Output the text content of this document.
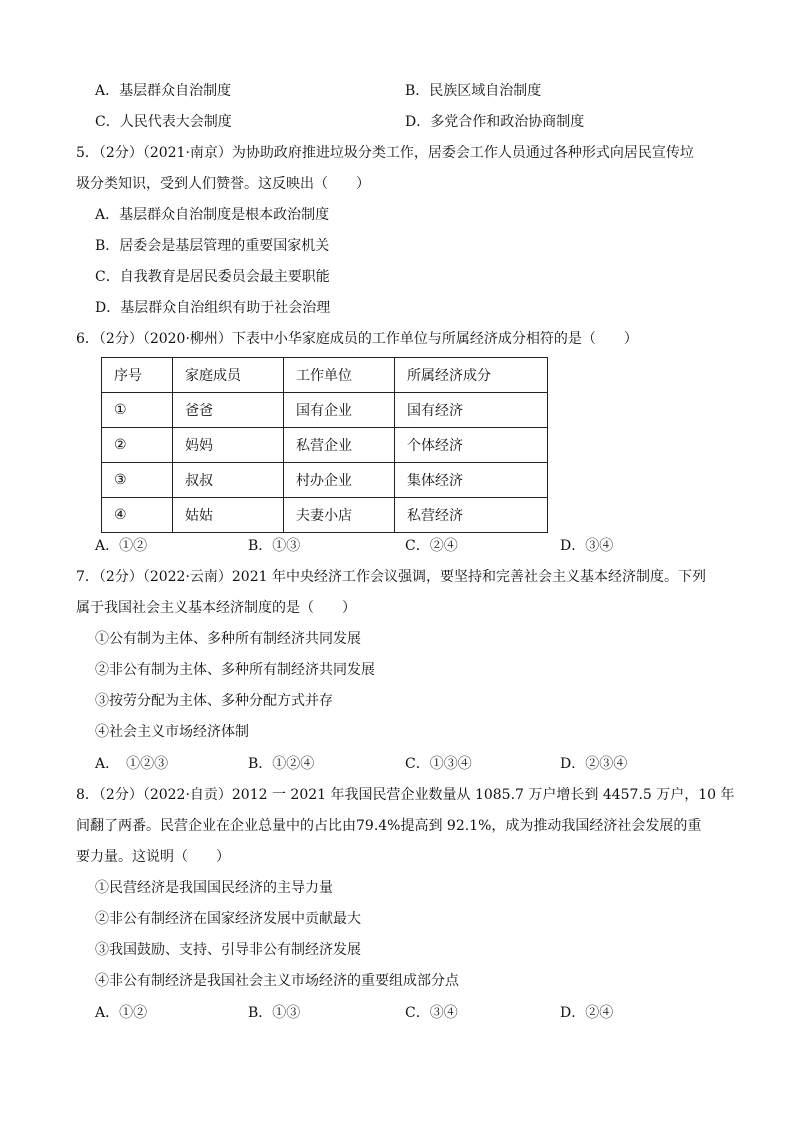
A．基层群众自治制度	B．民族区域自治制度
C．人民代表大会制度	D．多党合作和政治协商制度
5．（2分）（2021·南京）为协助政府推进垃圾分类工作，居委会工作人员通过各种形式向居民宣传垃
圾分类知识，受到人们赞誉。这反映出（　　）
A．基层群众自治制度是根本政治制度
B．居委会是基层管理的重要国家机关
C．自我教育是居民委员会最主要职能
D．基层群众自治组织有助于社会治理
6．（2分）（2020·柳州）下表中小华家庭成员的工作单位与所属经济成分相符的是（　　）
序号	家庭成员	工作单位	所属经济成分
①	爸爸	国有企业	国有经济
②	妈妈	私营企业	个体经济
③	叔叔	村办企业	集体经济
④	姑姑	夫妻小店	私营经济
A．①②	B．①③	C．②④	D．③④
7．（2分）（2022·云南）2021 年中央经济工作会议强调，要坚持和完善社会主义基本经济制度。下列
属于我国社会主义基本经济制度的是（　　）
①公有制为主体、多种所有制经济共同发展
②非公有制为主体、多种所有制经济共同发展
③按劳分配为主体、多种分配方式并存
④社会主义市场经济体制
A．　①②③	B．①②④	C．①③④	D．②③④
8．（2分）（2022·自贡）2012 一 2021 年我国民营企业数量从 1085.7 万户增长到 4457.5 万户，10 年
间翻了两番。民营企业在企业总量中的占比由79.4%提高到 92.1%，成为推动我国经济社会发展的重
要力量。这说明（　　）
①民营经济是我国国民经济的主导力量
②非公有制经济在国家经济发展中贡献最大
③我国鼓励、支持、引导非公有制经济发展
④非公有制经济是我国社会主义市场经济的重要组成部分点
A．①②	B．①③	C．③④	D．②④
